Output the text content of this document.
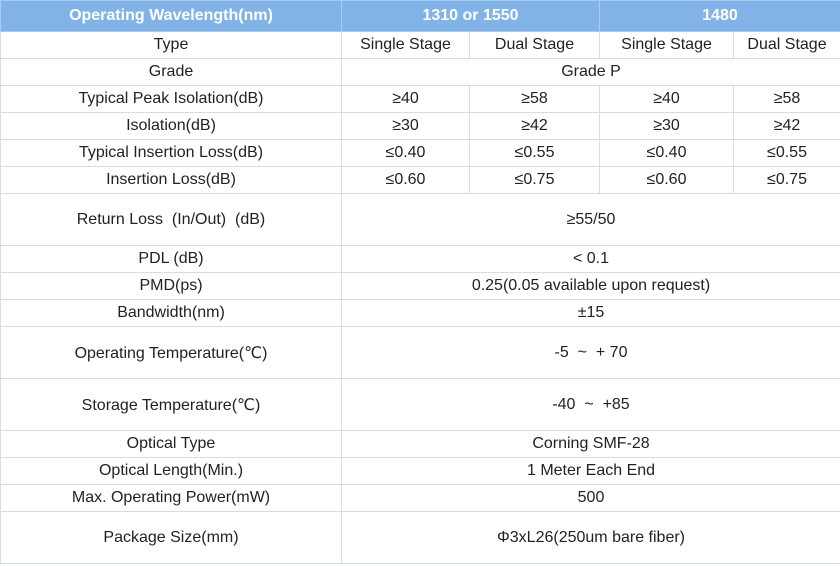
Operating Wavelength(nm)	1310 or 1550		1480	
Type	Single Stage	Dual Stage	Single Stage	Dual Stage
Grade	Grade P			
Typical Peak Isolation(dB)	≥40	≥58	≥40	≥58
Isolation(dB)	≥30	≥42	≥30	≥42
Typical Insertion Loss(dB)	≤0.40	≤0.55	≤0.40	≤0.55
Insertion Loss(dB)	≤0.60	≤0.75	≤0.60	≤0.75
Return Loss  (In/Out)  (dB)	≥55/50			
PDL (dB)	< 0.1			
PMD(ps)	0.25(0.05 available upon request)			
Bandwidth(nm)	±15			
Operating Temperature(℃)	-5  ~  + 70			
Storage Temperature(℃)	-40  ~  +85			
Optical Type	Corning SMF-28			
Optical Length(Min.)	1 Meter Each End			
Max. Operating Power(mW)	500			
Package Size(mm)	Φ3xL26(250um bare fiber)			
